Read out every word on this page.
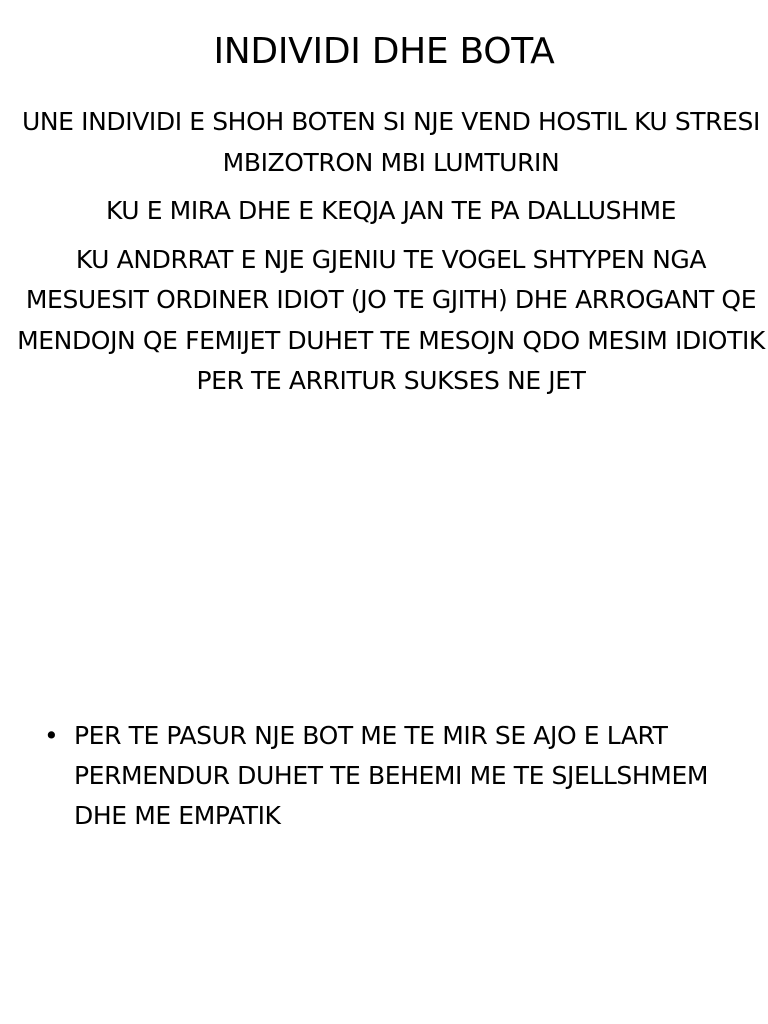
INDIVIDI DHE BOTA

UNE INDIVIDI E SHOH BOTEN SI NJE VEND HOSTIL KU STRESI MBIZOTRON MBI LUMTURIN

KU E MIRA DHE E KEQJA JAN TE PA DALLUSHME

KU ANDRRAT E NJE GJENIU TE VOGEL SHTYPEN NGA MESUESIT ORDINER IDIOT (JO TE GJITH) DHE ARROGANT QE MENDOJN QE FEMIJET DUHET TE MESOJN QDO MESIM IDIOTIK PER TE ARRITUR SUKSES NE JET

• PER TE PASUR NJE BOT ME TE MIR SE AJO E LART PERMENDUR DUHET TE BEHEMI ME TE SJELLSHMEM DHE ME EMPATIK
